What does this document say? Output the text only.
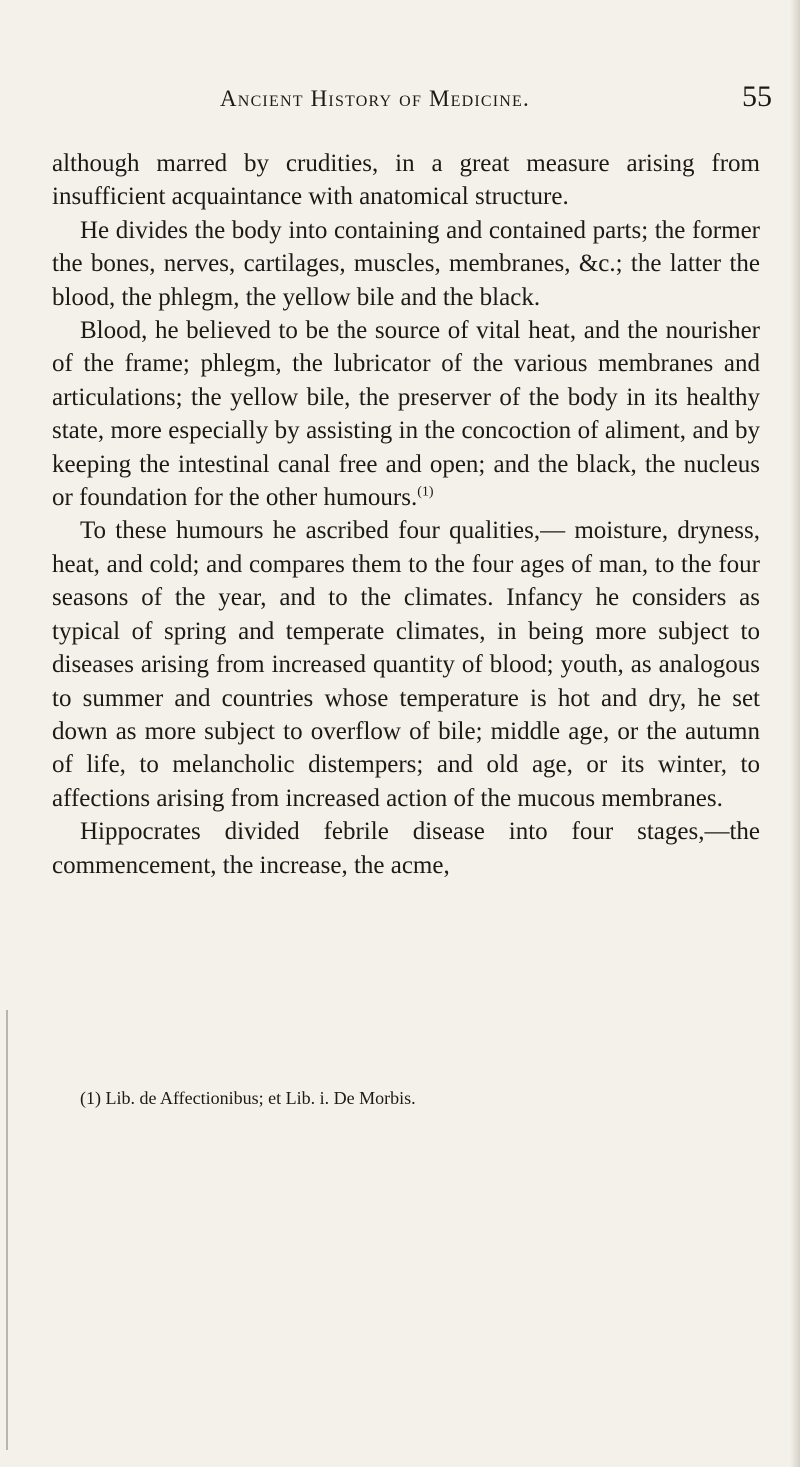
Ancient History of Medicine.	55

although marred by crudities, in a great measure arising from insufficient acquaintance with anatomical structure.

He divides the body into containing and contained parts; the former the bones, nerves, cartilages, muscles, membranes, &c.; the latter the blood, the phlegm, the yellow bile and the black.

Blood, he believed to be the source of vital heat, and the nourisher of the frame; phlegm, the lubricator of the various membranes and articulations; the yellow bile, the preserver of the body in its healthy state, more especially by assisting in the concoction of aliment, and by keeping the intestinal canal free and open; and the black, the nucleus or foundation for the other humours.$^{(1)}$

To these humours he ascribed four qualities,— moisture, dryness, heat, and cold; and compares them to the four ages of man, to the four seasons of the year, and to the climates. Infancy he considers as typical of spring and temperate climates, in being more subject to diseases arising from increased quantity of blood; youth, as analogous to summer and countries whose temperature is hot and dry, he set down as more subject to overflow of bile; middle age, or the autumn of life, to melancholic distempers; and old age, or its winter, to affections arising from increased action of the mucous membranes.

Hippocrates divided febrile disease into four stages,—the commencement, the increase, the acme,

(1) Lib. de Affectionibus; et Lib. i. De Morbis.
